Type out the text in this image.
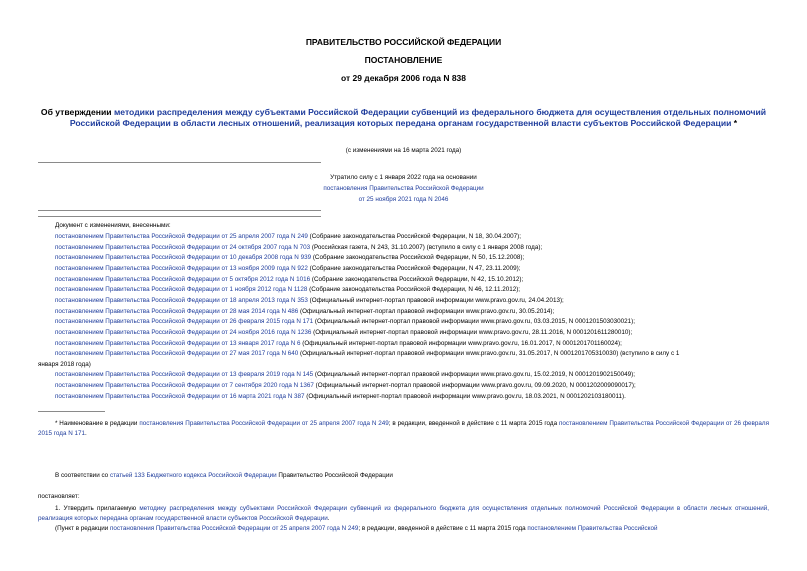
ПРАВИТЕЛЬСТВО РОССИЙСКОЙ ФЕДЕРАЦИИ
ПОСТАНОВЛЕНИЕ
от 29 декабря 2006 года N 838
Об утверждении методики распределения между субъектами Российской Федерации субвенций из федерального бюджета для осуществления отдельных полномочий Российской Федерации в области лесных отношений, реализация которых передана органам государственной власти субъектов Российской Федерации *
(с изменениями на 16 марта 2021 года)
Утратило силу с 1 января 2022 года на основании
постановления Правительства Российской Федерации
от 25 ноября 2021 года N 2046
Документ с изменениями, внесенными:
постановлением Правительства Российской Федерации от 25 апреля 2007 года N 249 (Собрание законодательства Российской Федерации, N 18, 30.04.2007);
постановлением Правительства Российской Федерации от 24 октября 2007 года N 703 (Российская газета, N 243, 31.10.2007) (вступило в силу с 1 января 2008 года);
постановлением Правительства Российской Федерации от 10 декабря 2008 года N 939 (Собрание законодательства Российской Федерации, N 50, 15.12.2008);
постановлением Правительства Российской Федерации от 13 ноября 2009 года N 922 (Собрание законодательства Российской Федерации, N 47, 23.11.2009);
постановлением Правительства Российской Федерации от 5 октября 2012 года N 1016 (Собрание законодательства Российской Федерации, N 42, 15.10.2012);
постановлением Правительства Российской Федерации от 1 ноября 2012 года N 1128 (Собрание законодательства Российской Федерации, N 46, 12.11.2012);
постановлением Правительства Российской Федерации от 18 апреля 2013 года N 353 (Официальный интернет-портал правовой информации www.pravo.gov.ru, 24.04.2013);
постановлением Правительства Российской Федерации от 28 мая 2014 года N 486 (Официальный интернет-портал правовой информации www.pravo.gov.ru, 30.05.2014);
постановлением Правительства Российской Федерации от 26 февраля 2015 года N 171 (Официальный интернет-портал правовой информации www.pravo.gov.ru, 03.03.2015, N 0001201503030021);
постановлением Правительства Российской Федерации от 24 ноября 2016 года N 1236 (Официальный интернет-портал правовой информации www.pravo.gov.ru, 28.11.2016, N 0001201611280010);
постановлением Правительства Российской Федерации от 13 января 2017 года N 6 (Официальный интернет-портал правовой информации www.pravo.gov.ru, 16.01.2017, N 0001201701160024);
постановлением Правительства Российской Федерации от 27 мая 2017 года N 640 (Официальный интернет-портал правовой информации www.pravo.gov.ru, 31.05.2017, N 0001201705310030) (вступило в силу с 1
января 2018 года)
постановлением Правительства Российской Федерации от 13 февраля 2019 года N 145 (Официальный интернет-портал правовой информации www.pravo.gov.ru, 15.02.2019, N 0001201902150049);
постановлением Правительства Российской Федерации от 7 сентября 2020 года N 1367 (Официальный интернет-портал правовой информации www.pravo.gov.ru, 09.09.2020, N 0001202009090017);
постановлением Правительства Российской Федерации от 16 марта 2021 года N 387 (Официальный интернет-портал правовой информации www.pravo.gov.ru, 18.03.2021, N 0001202103180011).
* Наименование в редакции постановления Правительства Российской Федерации от 25 апреля 2007 года N 249; в редакции, введенной в действие с 11 марта 2015 года постановлением Правительства Российской Федерации от 26 февраля 2015 года N 171.
В соответствии со статьей 133 Бюджетного кодекса Российской Федерации Правительство Российской Федерации
постановляет:
1. Утвердить прилагаемую методику распределения между субъектами Российской Федерации субвенций из федерального бюджета для осуществления отдельных полномочий Российской Федерации в области лесных отношений, реализация которых передана органам государственной власти субъектов Российской Федерации.
(Пункт в редакции постановления Правительства Российской Федерации от 25 апреля 2007 года N 249; в редакции, введенной в действие с 11 марта 2015 года постановлением Правительства Российской
